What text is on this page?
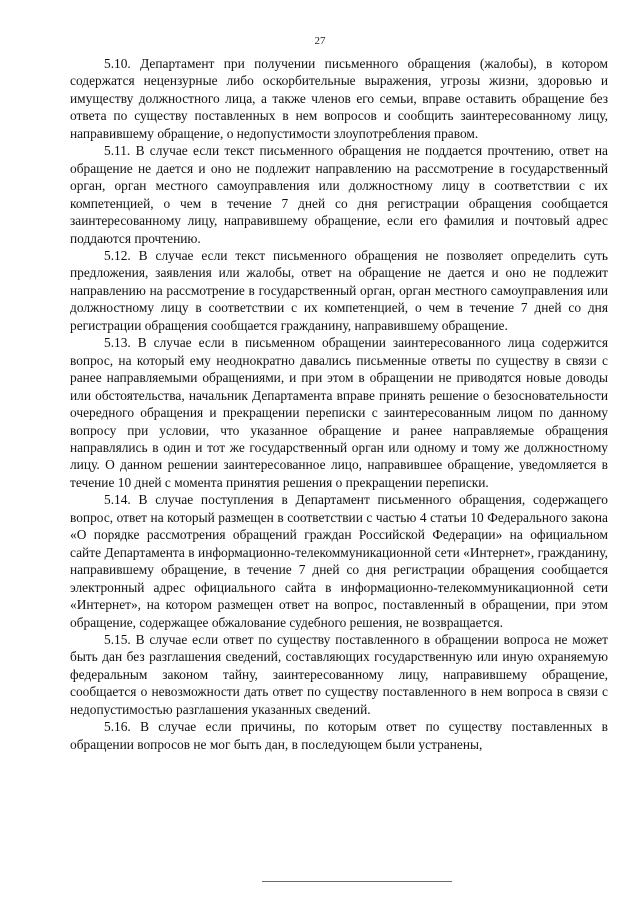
27

5.10. Департамент при получении письменного обращения (жалобы), в котором содержатся нецензурные либо оскорбительные выражения, угрозы жизни, здоровью и имуществу должностного лица, а также членов его семьи, вправе оставить обращение без ответа по существу поставленных в нем вопросов и сообщить заинтересованному лицу, направившему обращение, о недопустимости злоупотребления правом.

5.11. В случае если текст письменного обращения не поддается прочтению, ответ на обращение не дается и оно не подлежит направлению на рассмотрение в государственный орган, орган местного самоуправления или должностному лицу в соответствии с их компетенцией, о чем в течение 7 дней со дня регистрации обращения сообщается заинтересованному лицу, направившему обращение, если его фамилия и почтовый адрес поддаются прочтению.

5.12. В случае если текст письменного обращения не позволяет определить суть предложения, заявления или жалобы, ответ на обращение не дается и оно не подлежит направлению на рассмотрение в государственный орган, орган местного самоуправления или должностному лицу в соответствии с их компетенцией, о чем в течение 7 дней со дня регистрации обращения сообщается гражданину, направившему обращение.

5.13. В случае если в письменном обращении заинтересованного лица содержится вопрос, на который ему неоднократно давались письменные ответы по существу в связи с ранее направляемыми обращениями, и при этом в обращении не приводятся новые доводы или обстоятельства, начальник Департамента вправе принять решение о безосновательности очередного обращения и прекращении переписки с заинтересованным лицом по данному вопросу при условии, что указанное обращение и ранее направляемые обращения направлялись в один и тот же государственный орган или одному и тому же должностному лицу. О данном решении заинтересованное лицо, направившее обращение, уведомляется в течение 10 дней с момента принятия решения о прекращении переписки.

5.14. В случае поступления в Департамент письменного обращения, содержащего вопрос, ответ на который размещен в соответствии с частью 4 статьи 10 Федерального закона «О порядке рассмотрения обращений граждан Российской Федерации» на официальном сайте Департамента в информационно-телекоммуникационной сети «Интернет», гражданину, направившему обращение, в течение 7 дней со дня регистрации обращения сообщается электронный адрес официального сайта в информационно-телекоммуникационной сети «Интернет», на котором размещен ответ на вопрос, поставленный в обращении, при этом обращение, содержащее обжалование судебного решения, не возвращается.

5.15. В случае если ответ по существу поставленного в обращении вопроса не может быть дан без разглашения сведений, составляющих государственную или иную охраняемую федеральным законом тайну, заинтересованному лицу, направившему обращение, сообщается о невозможности дать ответ по существу поставленного в нем вопроса в связи с недопустимостью разглашения указанных сведений.

5.16. В случае если причины, по которым ответ по существу поставленных в обращении вопросов не мог быть дан, в последующем были устранены,
